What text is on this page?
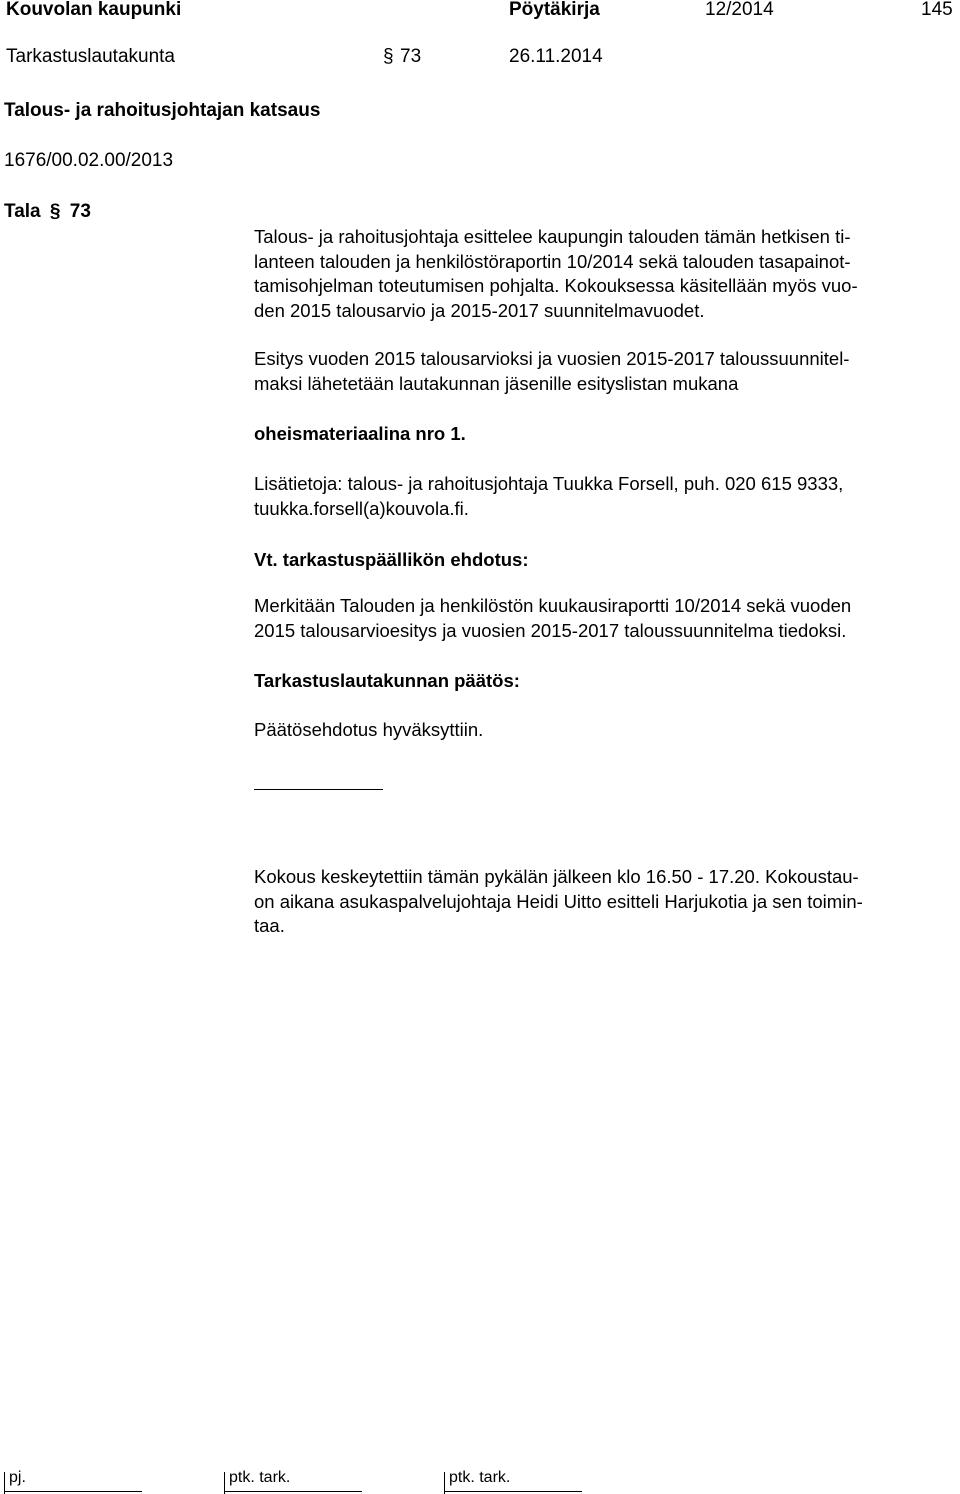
Kouvolan kaupunki	Pöytäkirja	12/2014	145
Tarkastuslautakunta	§ 73	26.11.2014
Talous- ja rahoitusjohtajan katsaus
1676/00.02.00/2013
Tala § 73
Talous- ja rahoitusjohtaja esittelee kaupungin talouden tämän hetkisen ti-
lanteen talouden ja henkilöstöraportin 10/2014 sekä talouden tasapainot-
tamisohjelman toteutumisen pohjalta. Kokouksessa käsitellään myös vuo-
den 2015 talousarvio ja 2015-2017 suunnitelmavuodet.
Esitys vuoden 2015 talousarvioksi ja vuosien 2015-2017 taloussuunnitel-
maksi lähetetään lautakunnan jäsenille esityslistan mukana
oheismateriaalina nro 1.
Lisätietoja: talous- ja rahoitusjohtaja Tuukka Forsell, puh. 020 615 9333,
tuukka.forsell(a)kouvola.fi.
Vt. tarkastuspäällikön ehdotus:
Merkitään Talouden ja henkilöstön kuukausiraportti 10/2014 sekä vuoden
2015 talousarvioesitys ja vuosien 2015-2017 taloussuunnitelma tiedoksi.
Tarkastuslautakunnan päätös:
Päätösehdotus hyväksyttiin.
Kokous keskeytettiin tämän pykälän jälkeen klo 16.50 - 17.20. Kokoustau-
on aikana asukaspalvelujohtaja Heidi Uitto esitteli Harjukotia ja sen toimin-
taa.
pj.	ptk. tark.	ptk. tark.
